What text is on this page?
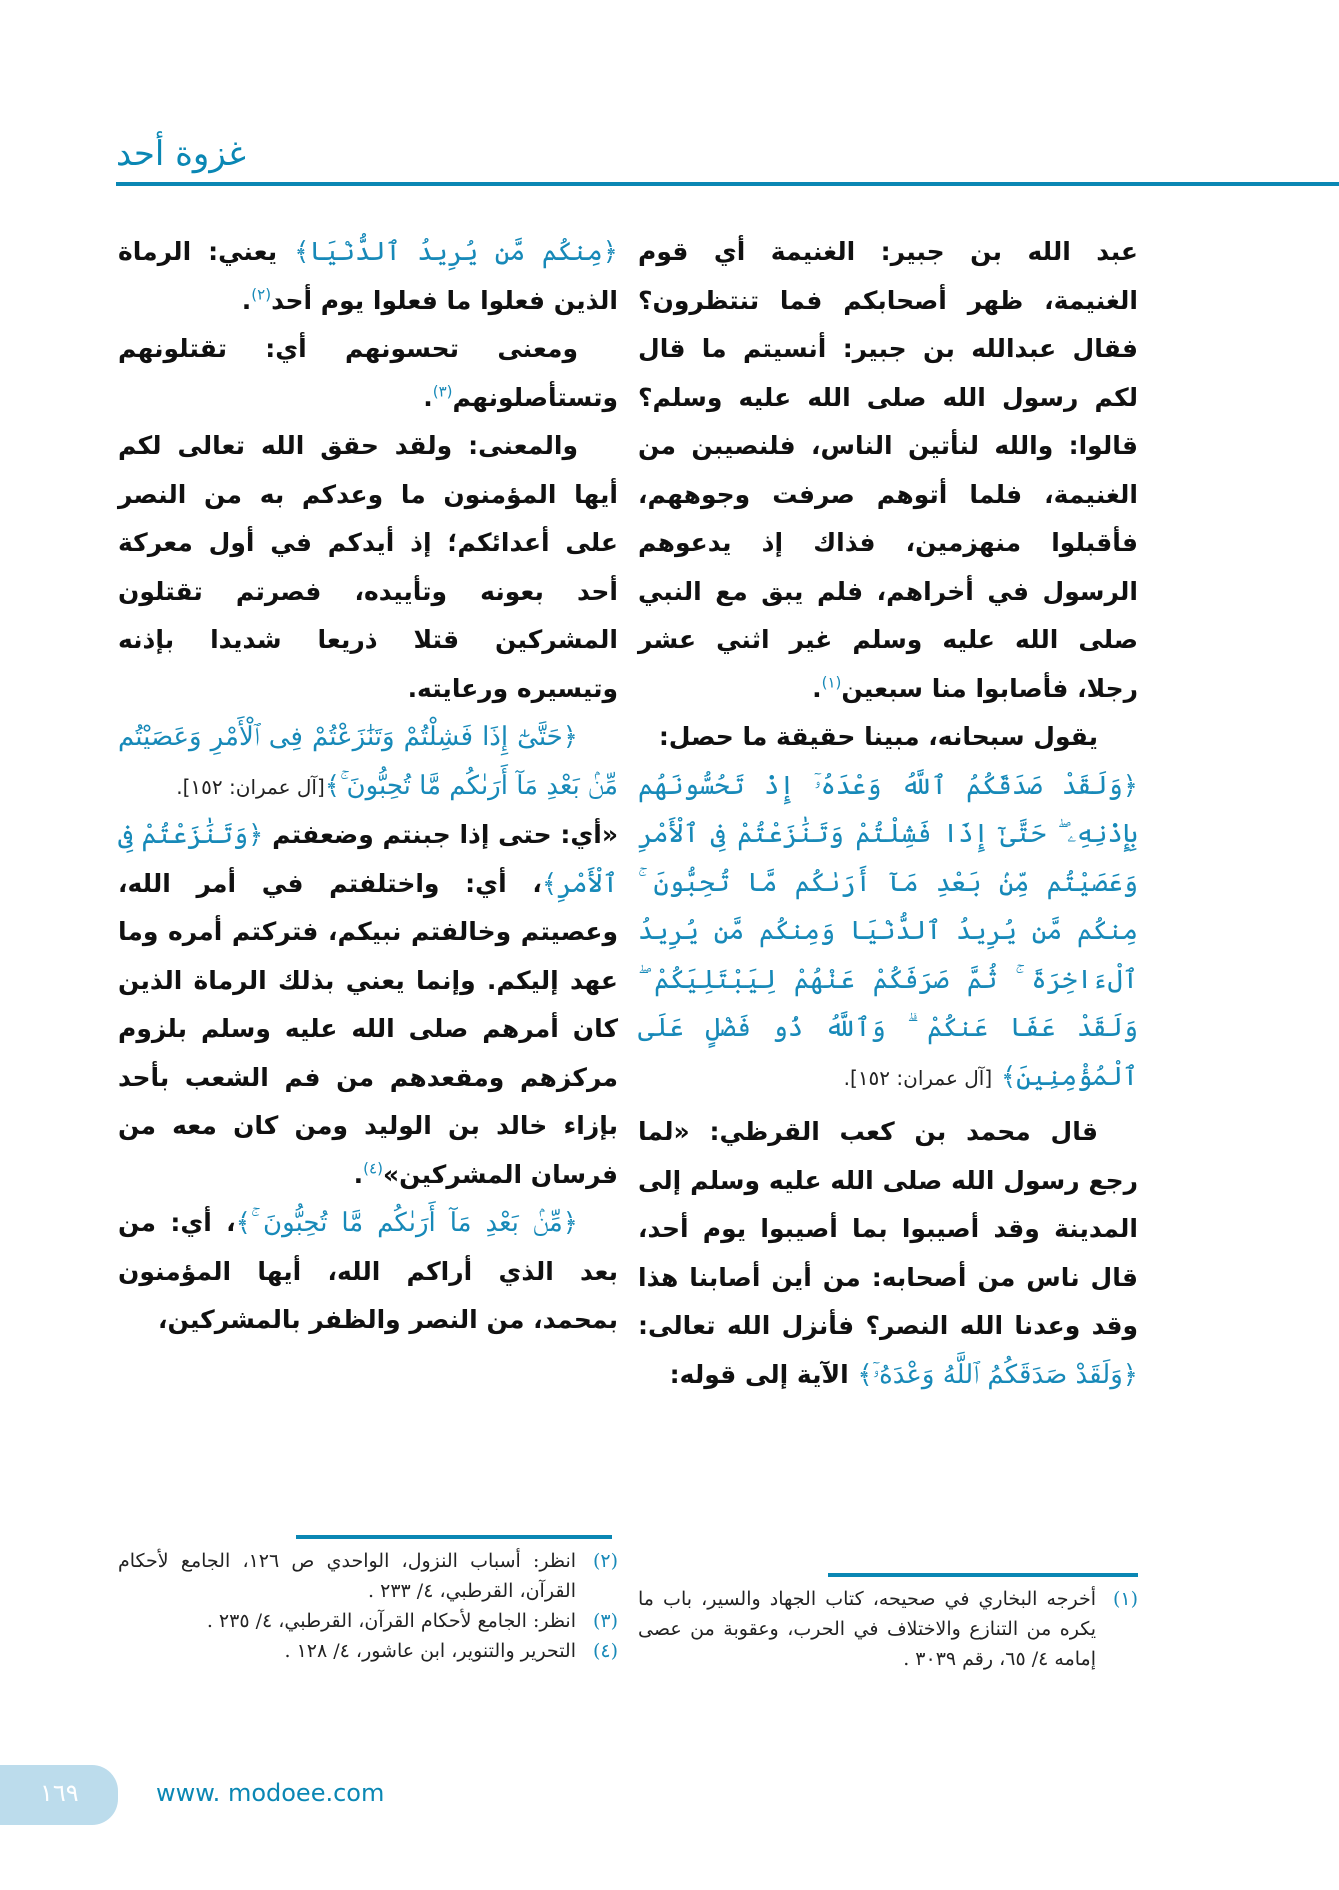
غزوة أحد

عبد الله بن جبير: الغنيمة أي قوم الغنيمة، ظهر أصحابكم فما تنتظرون؟ فقال عبدالله بن جبير: أنسيتم ما قال لكم رسول الله صلى الله عليه وسلم؟ قالوا: والله لنأتين الناس، فلنصيبن من الغنيمة، فلما أتوهم صرفت وجوههم، فأقبلوا منهزمين، فذاك إذ يدعوهم الرسول في أخراهم، فلم يبق مع النبي صلى الله عليه وسلم غير اثني عشر رجلا، فأصابوا منا سبعين$^{(١)}$.

يقول سبحانه، مبينا حقيقة ما حصل:

﴿وَلَقَدْ صَدَقَكُمُ ٱللَّهُ وَعْدَهُۥٓ إِذْ تَحُسُّونَهُم بِإِذْنِهِۦ ۖ حَتَّىٰٓ إِذَا فَشِلْتُمْ وَتَنَٰزَعْتُمْ فِى ٱلْأَمْرِ وَعَصَيْتُم مِّنۢ بَعْدِ مَآ أَرَىٰكُم مَّا تُحِبُّونَ ۚ مِنكُم مَّن يُرِيدُ ٱلدُّنْيَا وَمِنكُم مَّن يُرِيدُ ٱلْءَاخِرَةَ ۚ ثُمَّ صَرَفَكُمْ عَنْهُمْ لِيَبْتَلِيَكُمْ ۖ وَلَقَدْ عَفَا عَنكُمْ ۗ وَٱللَّهُ ذُو فَضْلٍ عَلَى ٱلْمُؤْمِنِينَ﴾ [آل عمران: ١٥٢].

قال محمد بن كعب القرظي: «لما رجع رسول الله صلى الله عليه وسلم إلى المدينة وقد أصيبوا بما أصيبوا يوم أحد، قال ناس من أصحابه: من أين أصابنا هذا وقد وعدنا الله النصر؟ فأنزل الله تعالى: ﴿وَلَقَدْ صَدَقَكُمُ ٱللَّهُ وَعْدَهُۥٓ﴾ الآية إلى قوله:

﴿مِنكُم مَّن يُرِيدُ ٱلدُّنْيَا﴾ يعني: الرماة الذين فعلوا ما فعلوا يوم أحد$^{(٢)}$.

ومعنى تحسونهم أي: تقتلونهم وتستأصلونهم$^{(٣)}$.

والمعنى: ولقد حقق الله تعالى لكم أيها المؤمنون ما وعدكم به من النصر على أعدائكم؛ إذ أيدكم في أول معركة أحد بعونه وتأييده، فصرتم تقتلون المشركين قتلا ذريعا شديدا بإذنه وتيسيره ورعايته.

﴿حَتَّىٰٓ إِذَا فَشِلْتُمْ وَتَنَٰزَعْتُمْ فِى ٱلْأَمْرِ وَعَصَيْتُم مِّنۢ بَعْدِ مَآ أَرَىٰكُم مَّا تُحِبُّونَ ۚ﴾[آل عمران: ١٥٢].

«أي: حتى إذا جبنتم وضعفتم ﴿وَتَنَٰزَعْتُمْ فِى ٱلْأَمْرِ﴾، أي: واختلفتم في أمر الله، وعصيتم وخالفتم نبيكم، فتركتم أمره وما عهد إليكم. وإنما يعني بذلك الرماة الذين كان أمرهم صلى الله عليه وسلم بلزوم مركزهم ومقعدهم من فم الشعب بأحد بإزاء خالد بن الوليد ومن كان معه من فرسان المشركين»$^{(٤)}$.

﴿مِّنۢ بَعْدِ مَآ أَرَىٰكُم مَّا تُحِبُّونَ ۚ﴾، أي: من بعد الذي أراكم الله، أيها المؤمنون بمحمد، من النصر والظفر بالمشركين،

(١)
أخرجه البخاري في صحيحه، كتاب الجهاد والسير، باب ما يكره من التنازع والاختلاف في الحرب، وعقوبة من عصى إمامه ٤/ ٦٥، رقم ٣٠٣٩ .

(٢)
انظر: أسباب النزول، الواحدي ص ١٢٦، الجامع لأحكام القرآن، القرطبي، ٤/ ٢٣٣ .

(٣)
انظر: الجامع لأحكام القرآن، القرطبي، ٤/ ٢٣٥ .

(٤)
التحرير والتنوير، ابن عاشور، ٤/ ١٢٨ .

١٦٩	www. modoee.com
